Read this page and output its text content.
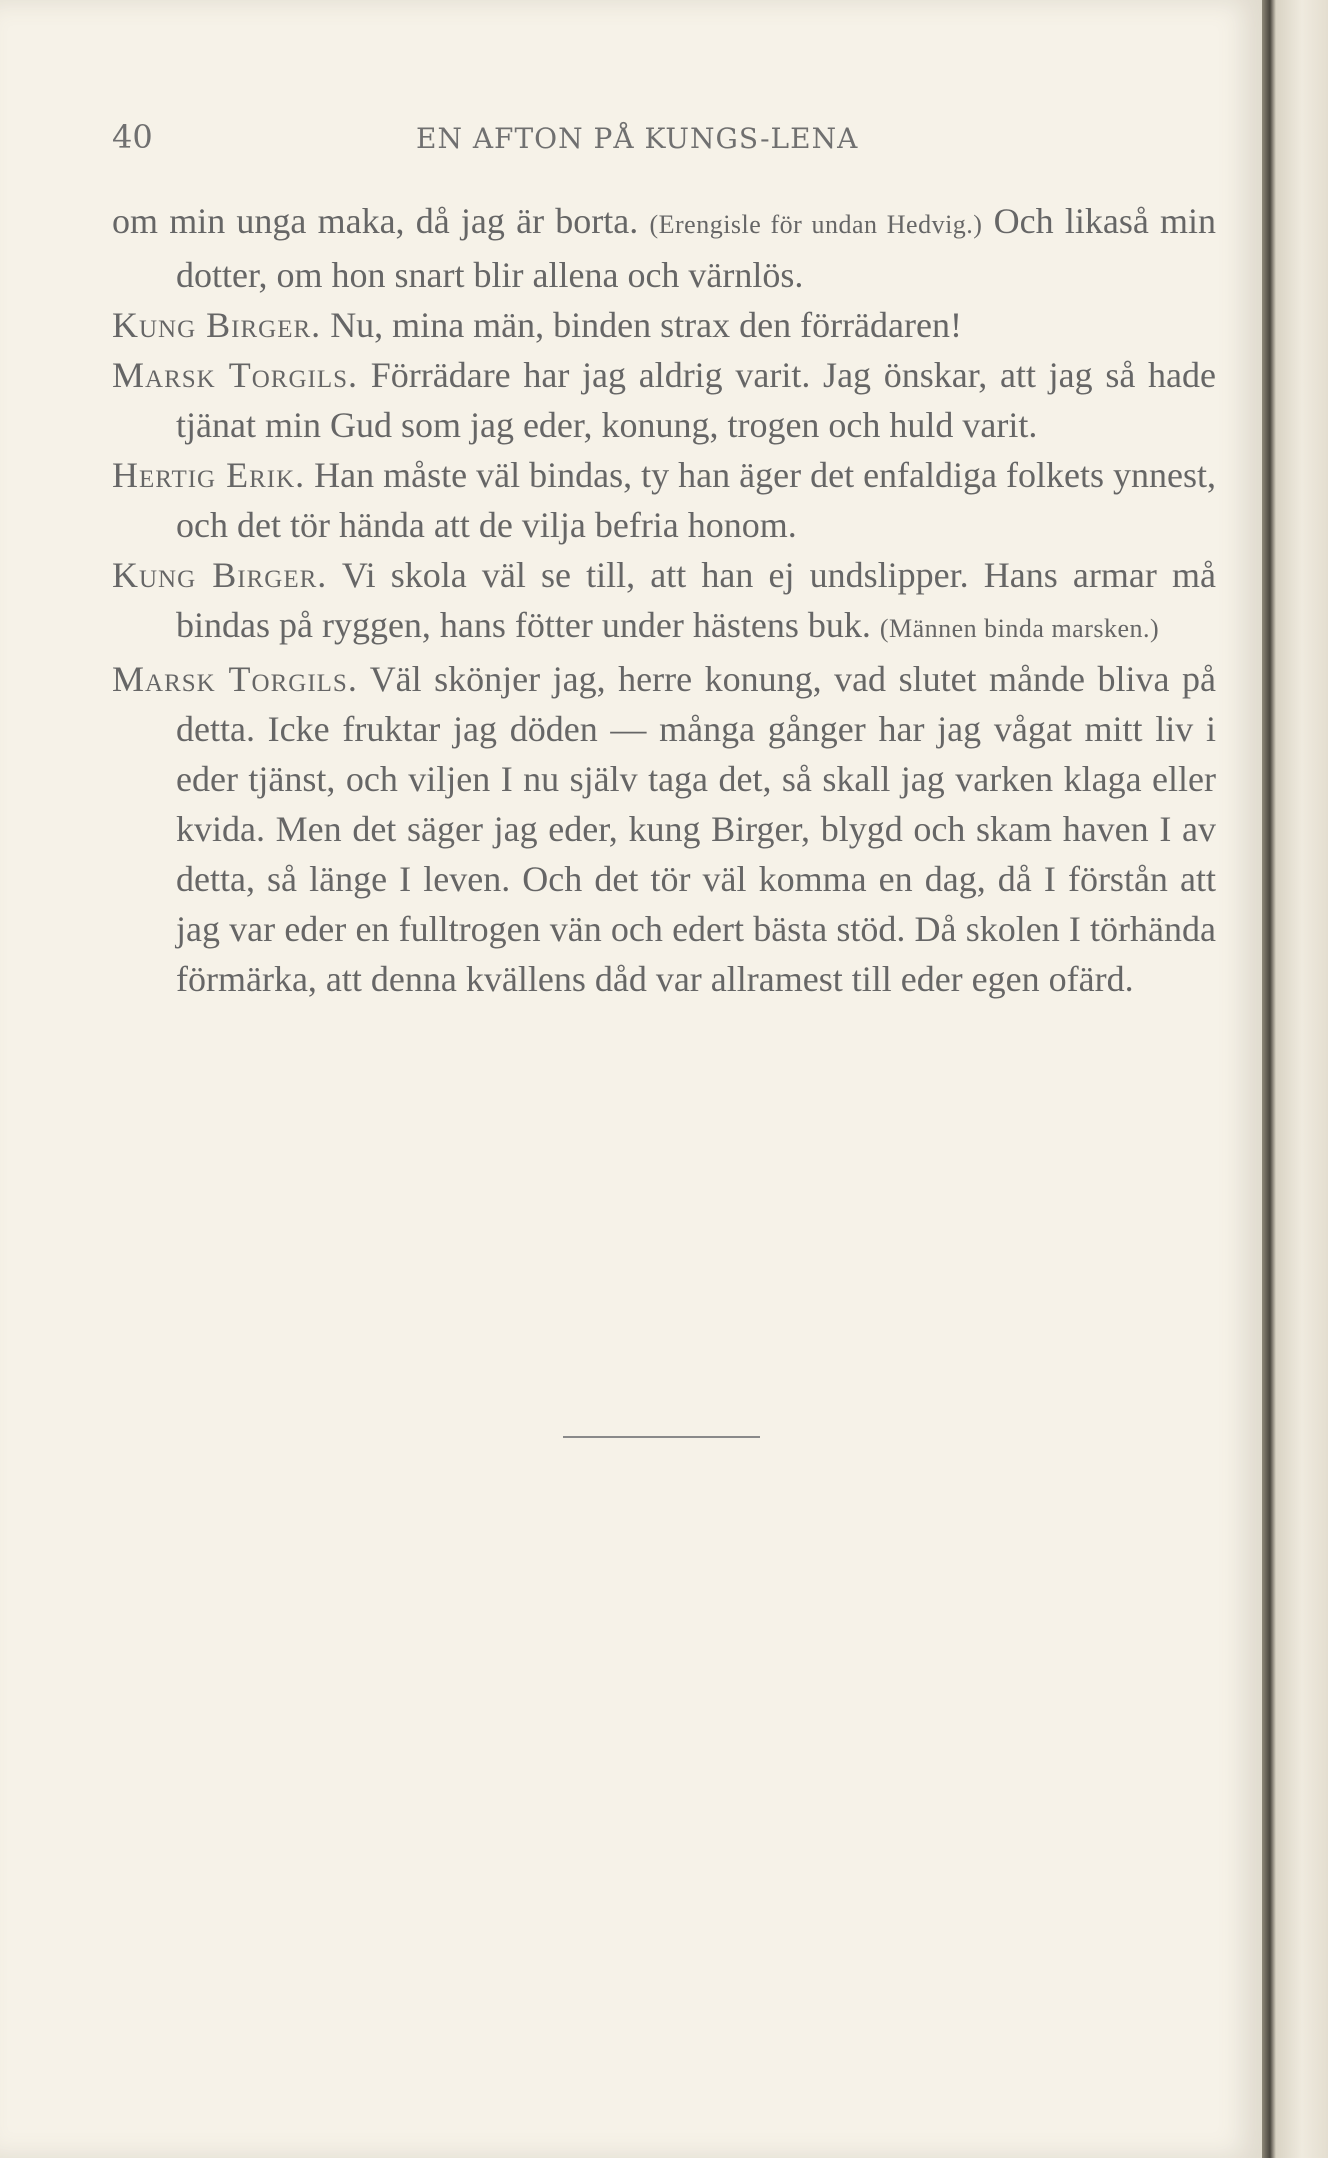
40	EN AFTON PÅ KUNGS-LENA

om min unga maka, då jag är borta. (Erengisle för undan Hedvig.) Och likaså min dotter, om hon snart blir allena och värnlös.

Kung Birger. Nu, mina män, binden strax den förrädaren!

Marsk Torgils. Förrädare har jag aldrig varit. Jag önskar, att jag så hade tjänat min Gud som jag eder, konung, trogen och huld varit.

Hertig Erik. Han måste väl bindas, ty han äger det enfaldiga folkets ynnest, och det tör hända att de vilja befria honom.

Kung Birger. Vi skola väl se till, att han ej undslipper. Hans armar må bindas på ryggen, hans fötter under hästens buk. (Männen binda marsken.)

Marsk Torgils. Väl skönjer jag, herre konung, vad slutet månde bliva på detta. Icke fruktar jag döden — många gånger har jag vågat mitt liv i eder tjänst, och viljen I nu själv taga det, så skall jag varken klaga eller kvida. Men det säger jag eder, kung Birger, blygd och skam haven I av detta, så länge I leven. Och det tör väl komma en dag, då I förstån att jag var eder en fulltrogen vän och edert bästa stöd. Då skolen I törhända förmärka, att denna kvällens dåd var allramest till eder egen ofärd.
